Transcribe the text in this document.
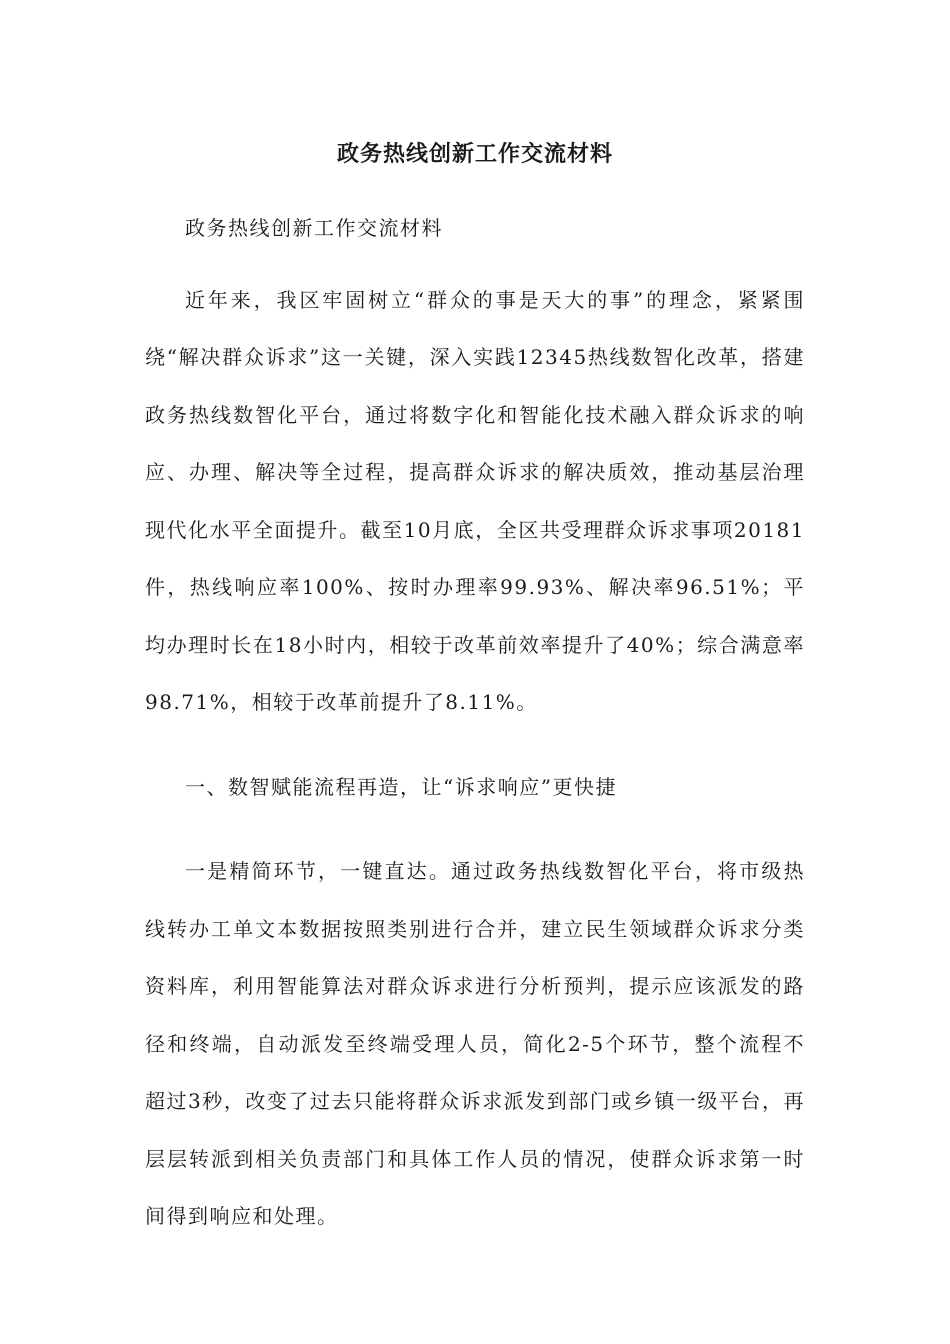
政务热线创新工作交流材料

政务热线创新工作交流材料

近年来，我区牢固树立“群众的事是天大的事”的理念，紧紧围绕“解决群众诉求”这一关键，深入实践12345热线数智化改革，搭建政务热线数智化平台，通过将数字化和智能化技术融入群众诉求的响应、办理、解决等全过程，提高群众诉求的解决质效，推动基层治理现代化水平全面提升。截至10月底，全区共受理群众诉求事项20181件，热线响应率100%、按时办理率99.93%、解决率96.51%；平均办理时长在18小时内，相较于改革前效率提升了40%；综合满意率98.71%，相较于改革前提升了8.11%。

一、数智赋能流程再造，让“诉求响应”更快捷

一是精简环节，一键直达。通过政务热线数智化平台，将市级热线转办工单文本数据按照类别进行合并，建立民生领域群众诉求分类资料库，利用智能算法对群众诉求进行分析预判，提示应该派发的路径和终端，自动派发至终端受理人员，简化2-5个环节，整个流程不超过3秒，改变了过去只能将群众诉求派发到部门或乡镇一级平台，再层层转派到相关负责部门和具体工作人员的情况，使群众诉求第一时间得到响应和处理。
